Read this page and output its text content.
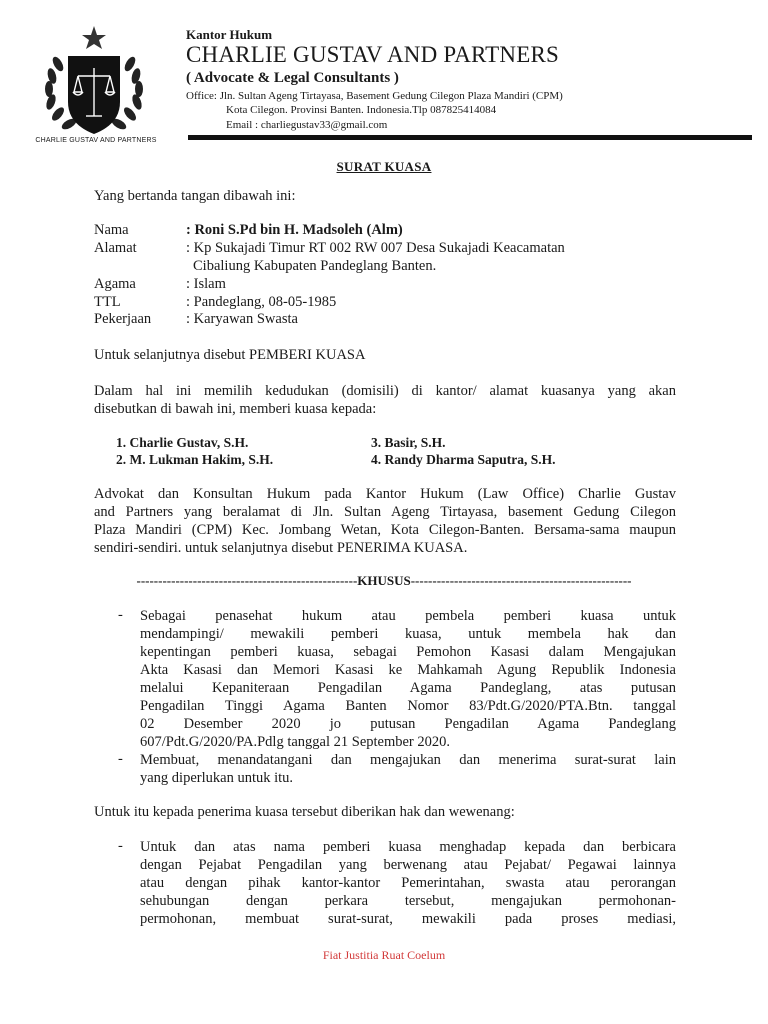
CHARLIE GUSTAV AND PARTNERS
Kantor Hukum
CHARLIE GUSTAV AND PARTNERS
( Advocate & Legal Consultants )
Office: Jln. Sultan Ageng Tirtayasa, Basement Gedung Cilegon Plaza Mandiri (CPM)
Kota Cilegon. Provinsi Banten. Indonesia.Tlp 087825414084
Email : charliegustav33@gmail.com
SURAT KUASA
Yang bertanda tangan dibawah ini:
Nama	: Roni S.Pd bin H. Madsoleh (Alm)
Alamat	: Kp Sukajadi Timur RT 002 RW 007 Desa Sukajadi Keacamatan
Cibaliung Kabupaten Pandeglang Banten.
Agama	: Islam
TTL	: Pandeglang, 08-05-1985
Pekerjaan : Karyawan Swasta
Untuk selanjutnya disebut PEMBERI KUASA
Dalam hal ini memilih kedudukan (domisili) di kantor/ alamat kuasanya yang akan
disebutkan di bawah ini, memberi kuasa kepada:
1. Charlie Gustav, S.H.
2. M. Lukman Hakim, S.H.
3. Basir, S.H.
4. Randy Dharma Saputra, S.H.
Advokat dan Konsultan Hukum pada Kantor Hukum (Law Office) Charlie Gustav
and Partners yang beralamat di Jln. Sultan Ageng Tirtayasa, basement Gedung Cilegon
Plaza Mandiri (CPM) Kec. Jombang Wetan, Kota Cilegon-Banten. Bersama-sama maupun
sendiri-sendiri. untuk selanjutnya disebut PENERIMA KUASA.
---------------------------------------------------KHUSUS---------------------------------------------------
- Sebagai penasehat hukum atau pembela pemberi kuasa untuk
mendampingi/ mewakili pemberi kuasa, untuk membela hak dan
kepentingan pemberi kuasa, sebagai Pemohon Kasasi dalam Mengajukan
Akta Kasasi dan Memori Kasasi ke Mahkamah Agung Republik Indonesia
melalui Kepaniteraan Pengadilan Agama Pandeglang, atas putusan
Pengadilan Tinggi Agama Banten Nomor 83/Pdt.G/2020/PTA.Btn. tanggal
02 Desember 2020 jo putusan Pengadilan Agama Pandeglang
607/Pdt.G/2020/PA.Pdlg tanggal 21 September 2020.
- Membuat, menandatangani dan mengajukan dan menerima surat-surat lain
yang diperlukan untuk itu.
Untuk itu kepada penerima kuasa tersebut diberikan hak dan wewenang:
- Untuk dan atas nama pemberi kuasa menghadap kepada dan berbicara
dengan Pejabat Pengadilan yang berwenang atau Pejabat/ Pegawai lainnya
atau dengan pihak kantor-kantor Pemerintahan, swasta atau perorangan
sehubungan dengan perkara tersebut, mengajukan permohonan-
permohonan, membuat surat-surat, mewakili pada proses mediasi,
Fiat Justitia Ruat Coelum
